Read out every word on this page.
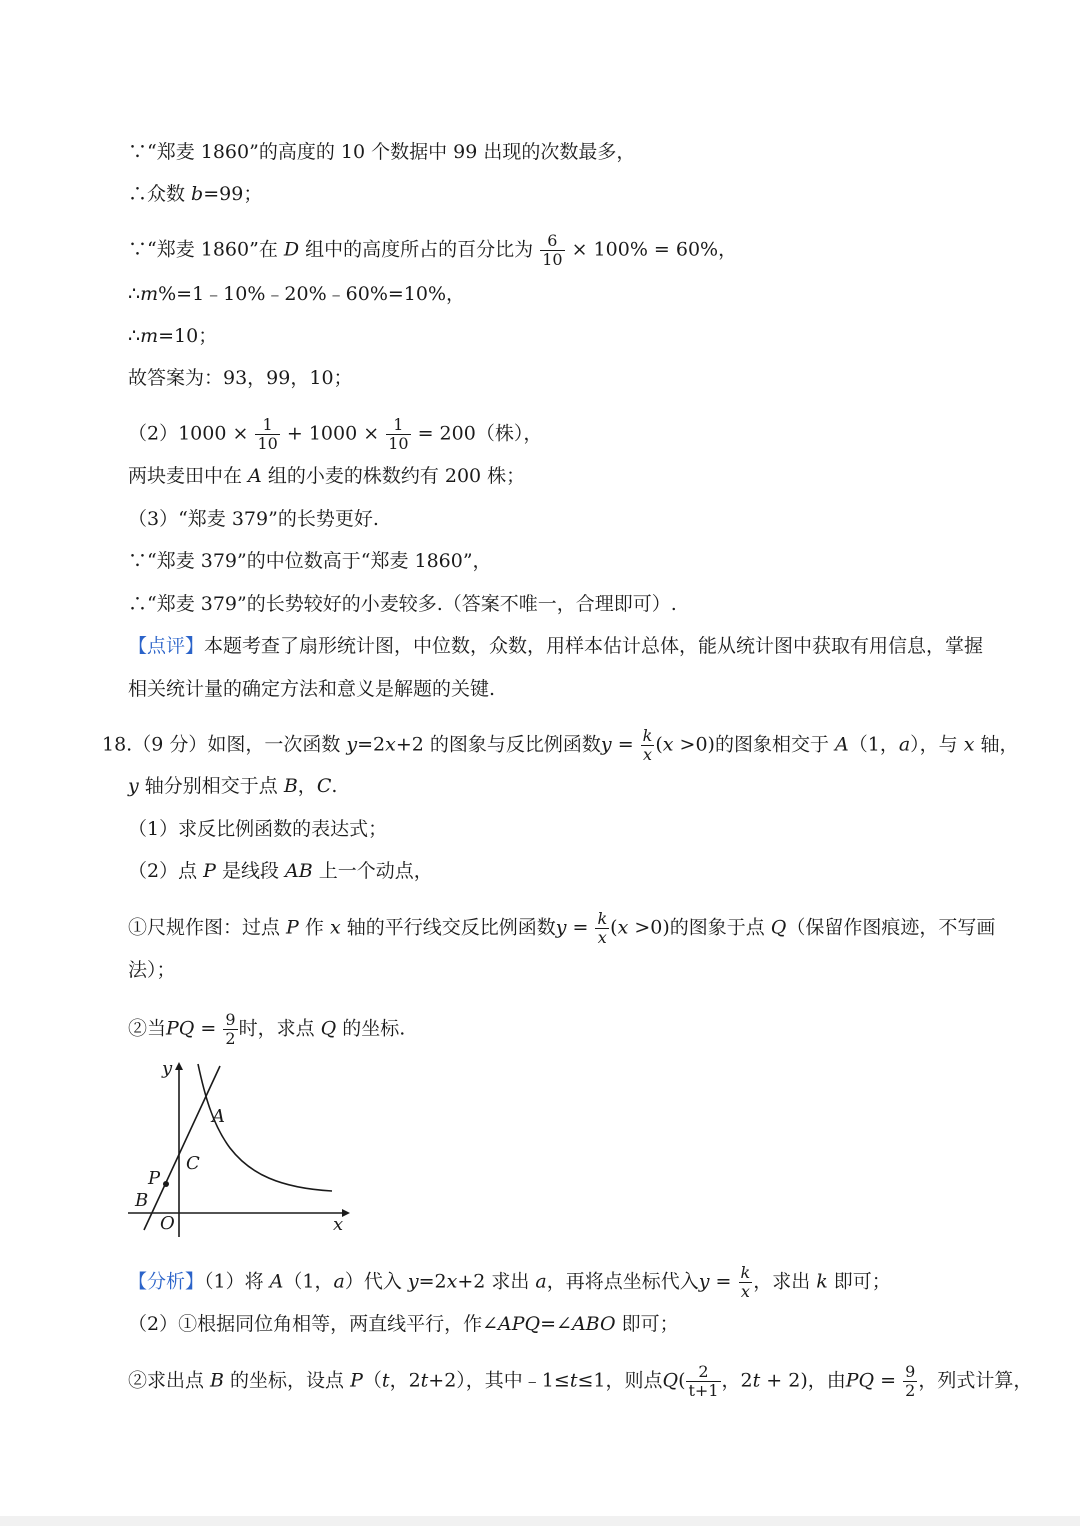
∵“郑麦 1860”的高度的 10 个数据中 99 出现的次数最多，
∴众数 b=99；
∵“郑麦 1860”在 D 组中的高度所占的百分比为 $\frac{6}{10} \times 100\% = 60\%$，
∴m%=1﹣10%﹣20%﹣60%=10%，
∴m=10；
故答案为：93，99，10；
$(2)1000 \times \frac{1}{10} + 1000 \times \frac{1}{10} = 200$（株），
两块麦田中在 A 组的小麦的株数约有 200 株；
（3）“郑麦 379”的长势更好.
∵“郑麦 379”的中位数高于“郑麦 1860”，
∴“郑麦 379”的长势较好的小麦较多.（答案不唯一，合理即可）.
【点评】本题考查了扇形统计图，中位数，众数，用样本估计总体，能从统计图中获取有用信息，掌握
相关统计量的确定方法和意义是解题的关键.
18.（9 分）如图，一次函数 y=2x+2 的图象与反比例函数$y = \frac{k}{x} (x >0)$的图象相交于 A（1，a），与 x 轴，
y 轴分别相交于点 B，C.
（1）求反比例函数的表达式；
（2）点 P 是线段 AB 上一个动点，
①尺规作图：过点 P 作 x 轴的平行线交反比例函数$y = \frac{k}{x} (x >0)$的图象于点 Q（保留作图痕迹，不写画
法）；
②当PQ = $\frac{9}{2}$ 时，求点 Q 的坐标.
y
x
A
C
P
B
O
【分析】（1）将 A（1，a）代入 y=2x+2 求出 a，再将点坐标代入$y = \frac{k}{x}$ ，求出 k 即可；
（2）①根据同位角相等，两直线平行，作∠APQ=∠ABO 即可；
②求出点 B 的坐标，设点 P（t，2t+2），其中﹣1≤t≤1，则点$Q( \frac{2}{t+1}$ ，2t + 2)，由PQ = $\frac{9}{2}$ ，列式计算，
